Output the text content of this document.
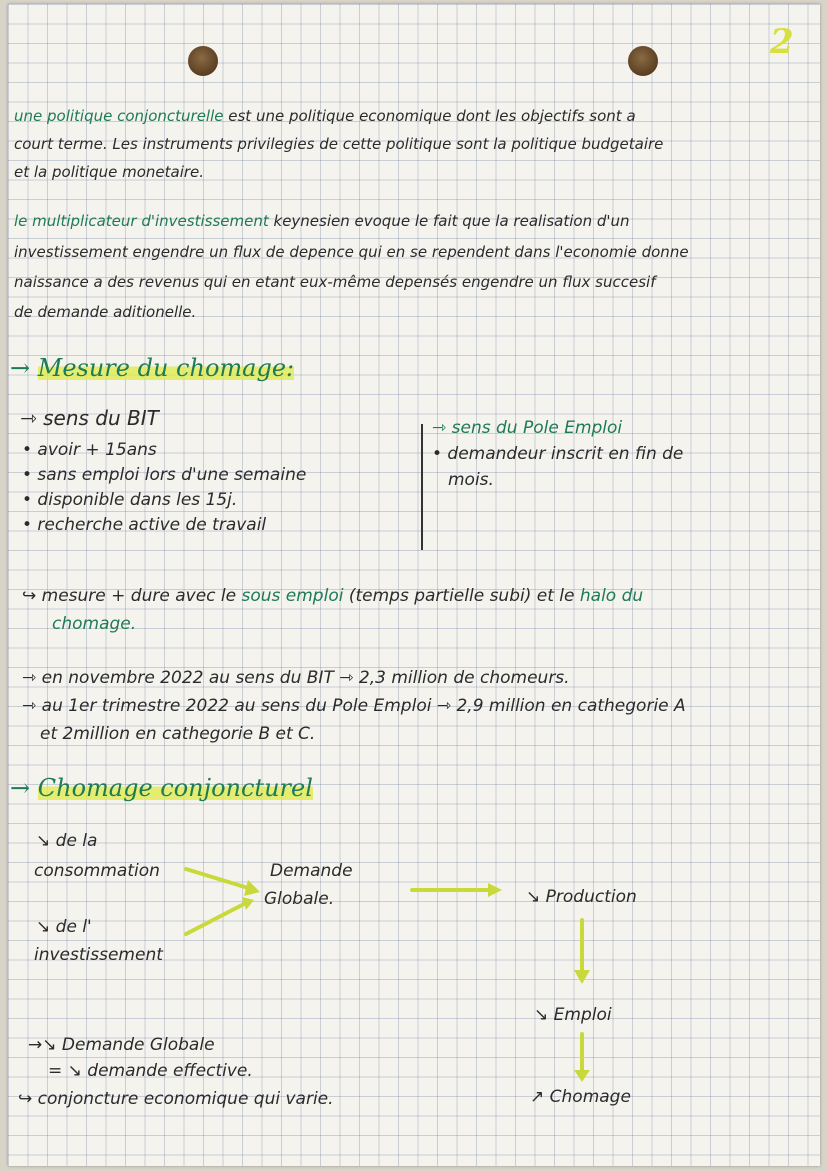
2
une politique conjoncturelle est une politique economique dont les objectifs sont a
court terme. Les instruments privilegies de cette politique sont la politique budgetaire
et la politique monetaire.
le multiplicateur d'investissement keynesien evoque le fait que la realisation d'un
investissement engendre un flux de depence qui en se rependent dans l'economie donne
naissance a des revenus qui en etant eux-même depensés engendre un flux succesif
de demande aditionelle.
→ Mesure du chomage:
⇾ sens du BIT
• avoir + 15ans
• sans emploi lors d'une semaine
• disponible dans les 15j.
• recherche active de travail
⇾ sens du Pole Emploi
• demandeur inscrit en fin de
mois.
↪ mesure + dure avec le sous emploi (temps partielle subi) et le halo du
chomage.
⇾ en novembre 2022 au sens du BIT ⇾ 2,3 million de chomeurs.
⇾ au 1er trimestre 2022 au sens du Pole Emploi ⇾ 2,9 million en cathegorie A
et 2million en cathegorie B et C.
→ Chomage conjoncturel
↘ de la
consommation
↘ de l'
investissement
Demande
Globale.	↘ Production
↘ Emploi
↗ Chomage
→↘ Demande Globale
= ↘ demande effective.
↪ conjoncture economique qui varie.
